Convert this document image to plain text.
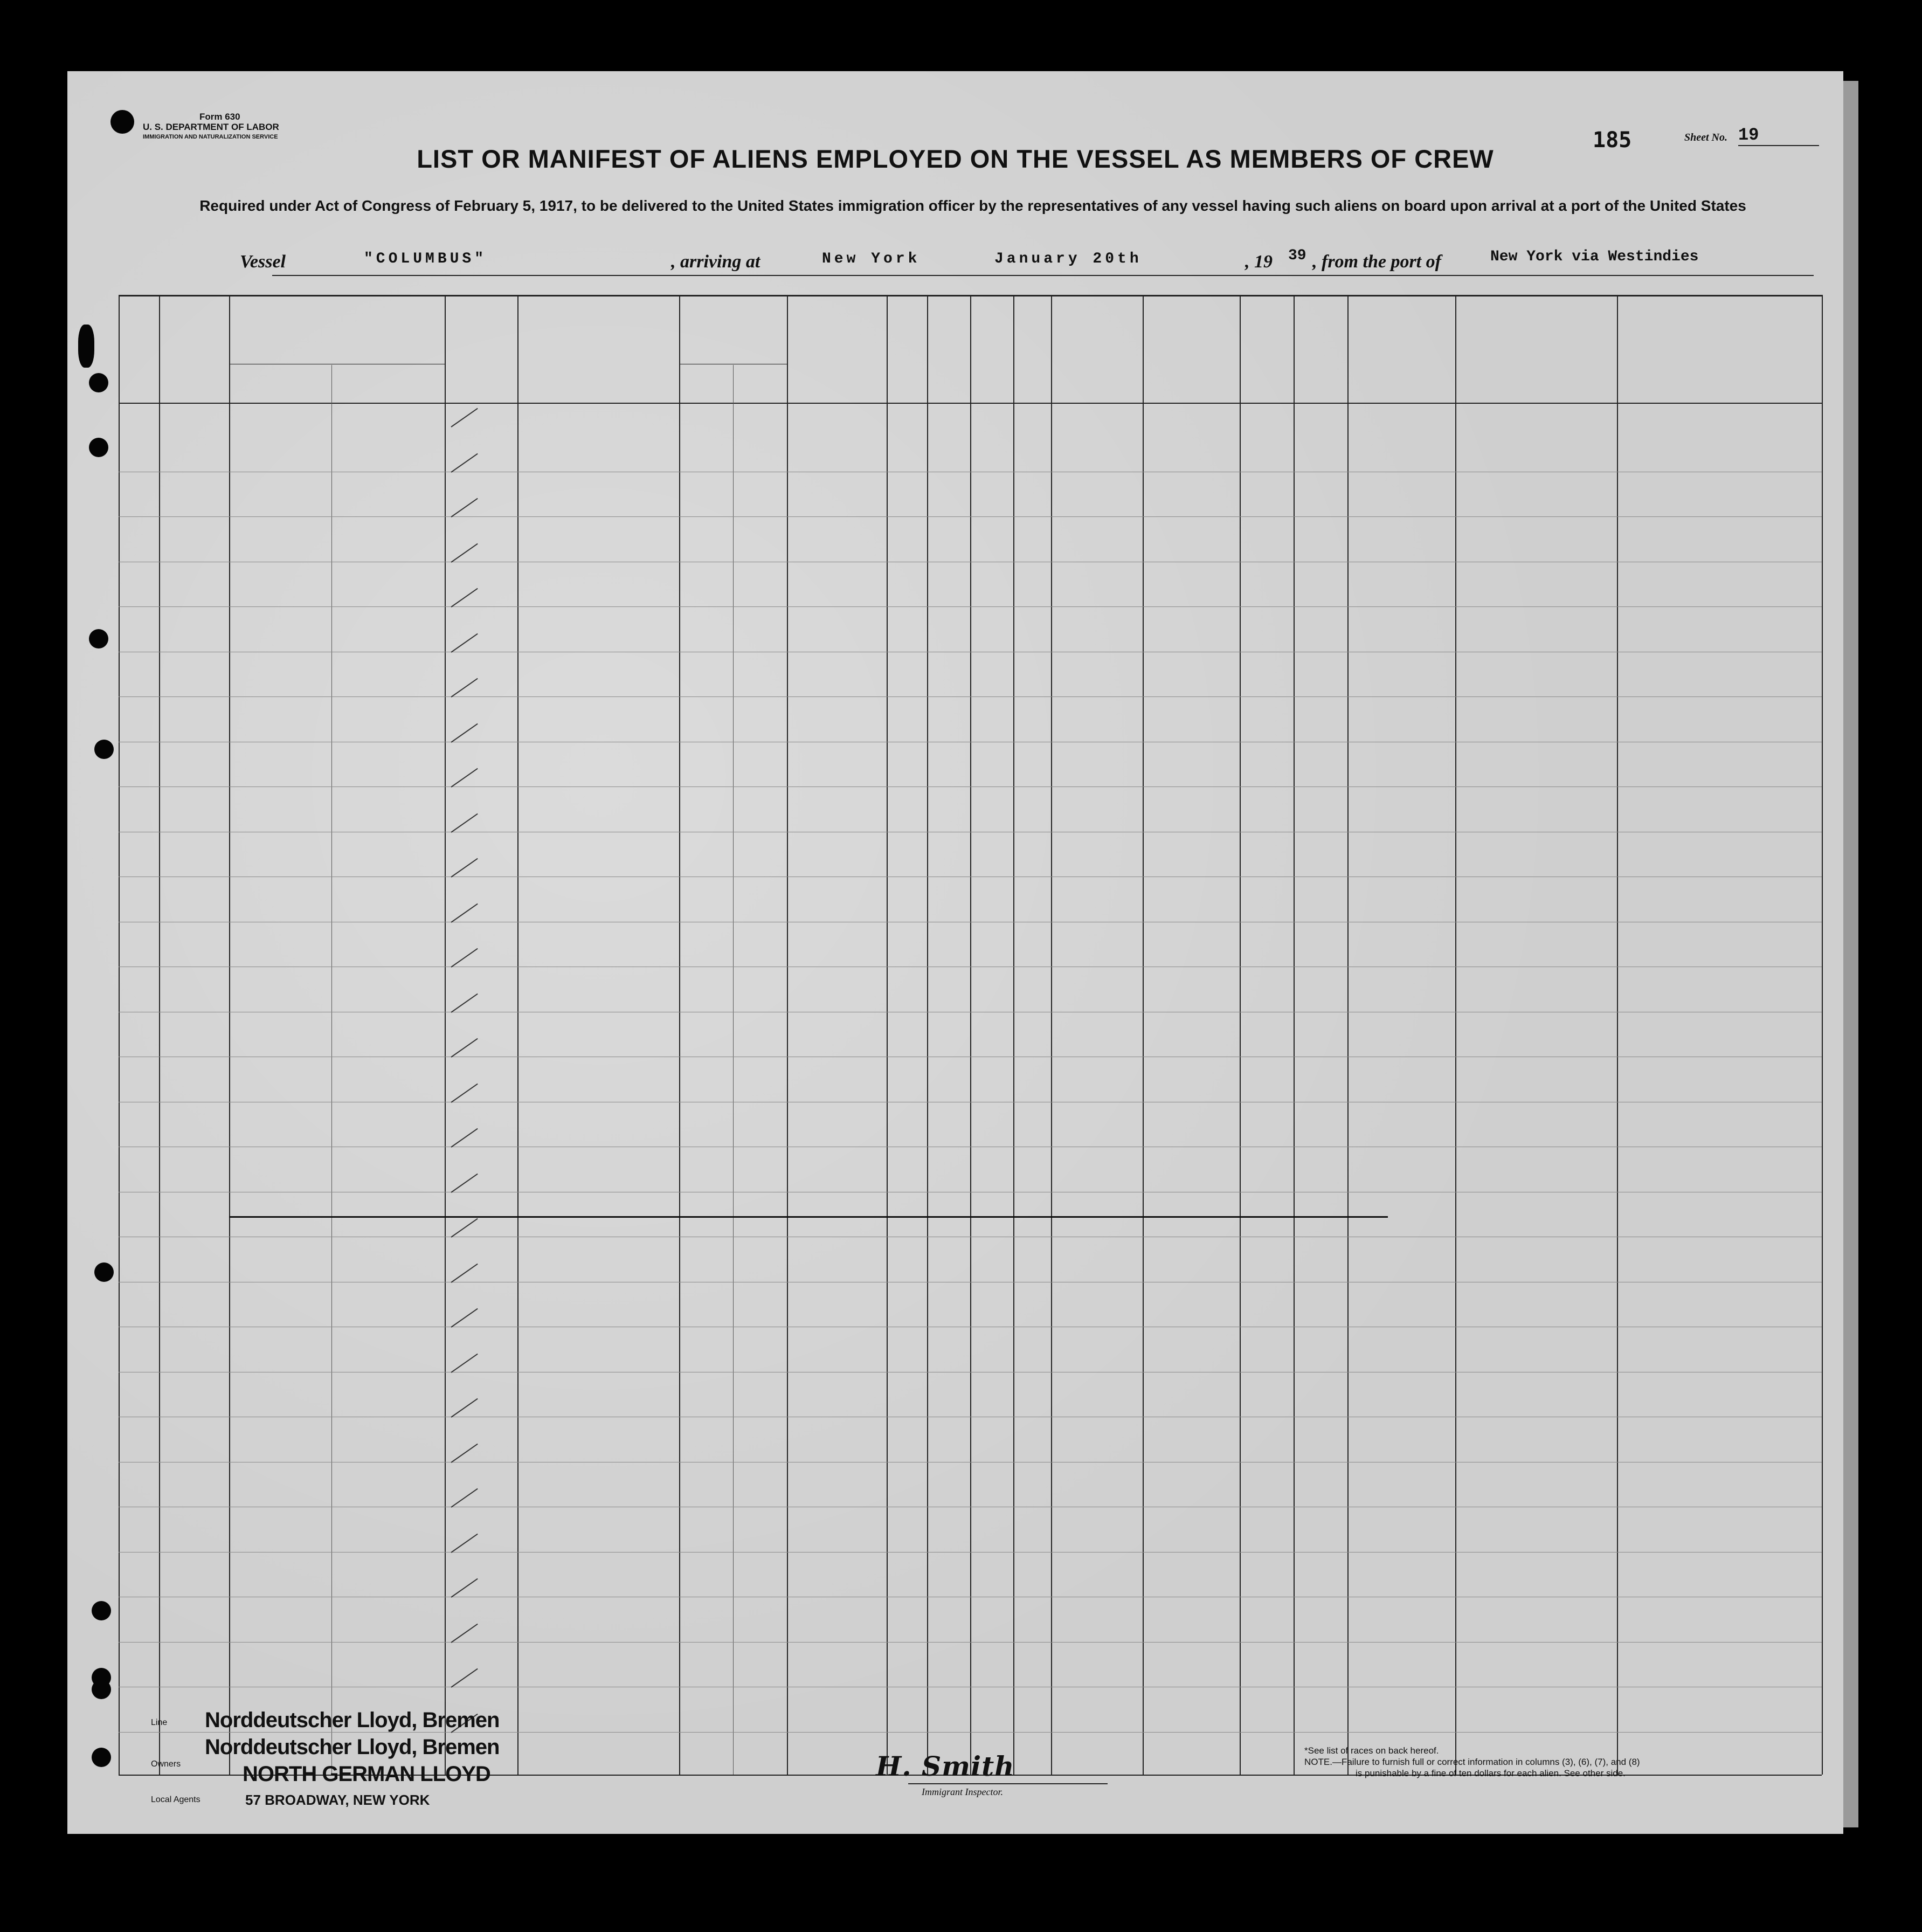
Form 630
U. S. DEPARTMENT OF LABOR
IMMIGRATION AND NATURALIZATION SERVICE	185	Sheet No. 19
LIST OR MANIFEST OF ALIENS EMPLOYED ON THE VESSEL AS MEMBERS OF CREW
Required under Act of Congress of February 5, 1917, to be delivered to the United States immigration officer by the representatives of any vessel having such aliens on board upon arrival at a port of the United States
Vessel	"COLUMBUS"	, arriving at	New York	January 20th	, 19 39 , from the port of	New York via Westindies
Line
Owners
Local Agents
Norddeutscher Lloyd, Bremen
Norddeutscher Lloyd, Bremen
NORTH GERMAN LLOYD
57 BROADWAY, NEW YORK
H. Smith
Immigrant Inspector.
*See list of races on back hereof.
NOTE.—Failure to furnish full or correct information in columns (3), (6), (7), and (8)
is punishable by a fine of ten dollars for each alien. See other side.
